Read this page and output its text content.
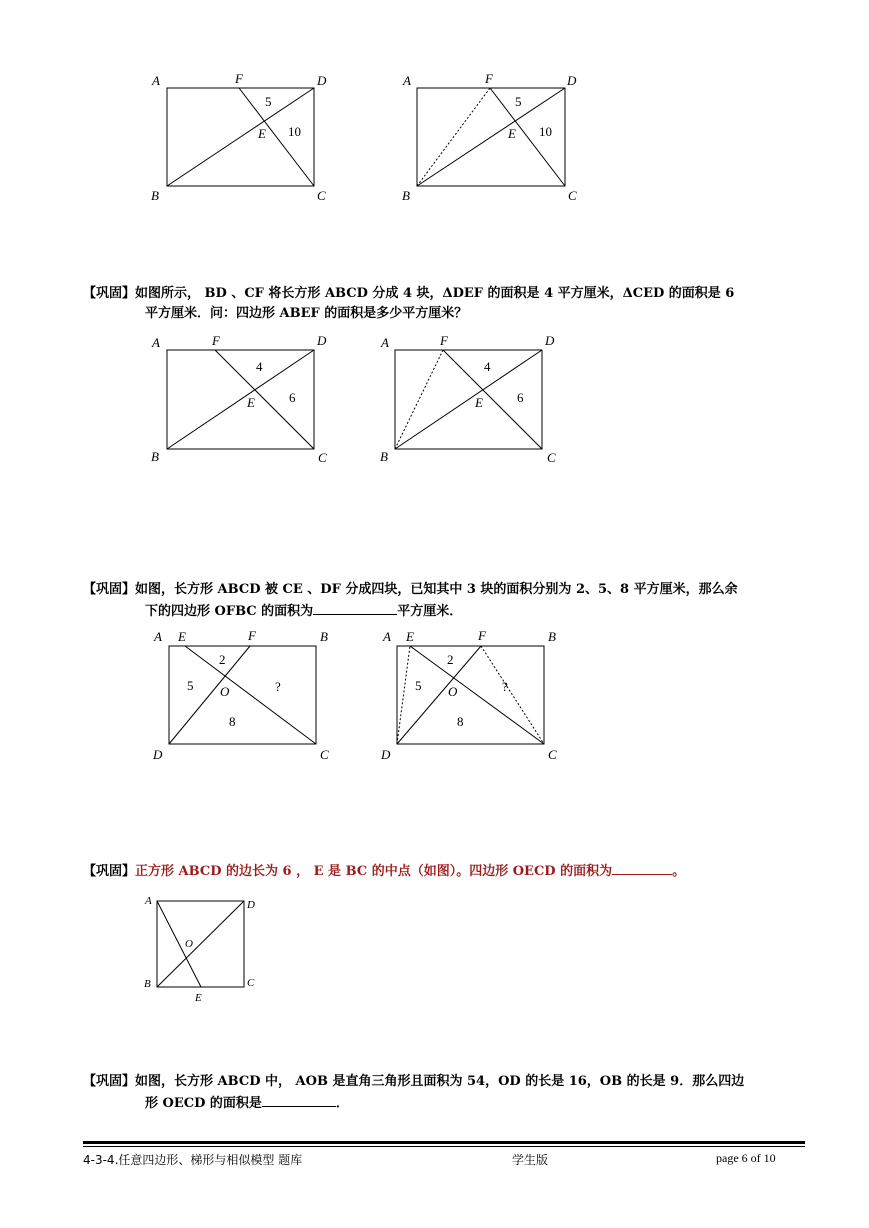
A	F	D
B	C
E
5
10
A	F	D
B	C
E
5
10
【巩固】如图所示， BD 、CF 将长方形 ABCD 分成 4 块，ΔDEF 的面积是 4 平方厘米，ΔCED 的面积是 6
平方厘米．问：四边形 ABEF 的面积是多少平方厘米？
A	F	D
B	C
E
4
6
A	F	D
B	C
E
4
6
【巩固】如图，长方形 ABCD 被 CE 、DF 分成四块，已知其中 3 块的面积分别为 2、5、8 平方厘米，那么余
下的四边形 OFBC 的面积为	平方厘米．
A E	F	B
D	C
O
2
5	?
8
A E	F	B
D	C
O
2
5	?
8
【巩固】正方形 ABCD 的边长为 6 ， E 是 BC 的中点（如图）。四边形 OECD 的面积为	。
A	D
O
B	C
E
【巩固】如图，长方形 ABCD 中， AOB 是直角三角形且面积为 54，OD 的长是 16，OB 的长是 9．那么四边
形 OECD 的面积是	．
4-3-4.任意四边形、梯形与相似模型 题库	学生版	page 6 of 10
